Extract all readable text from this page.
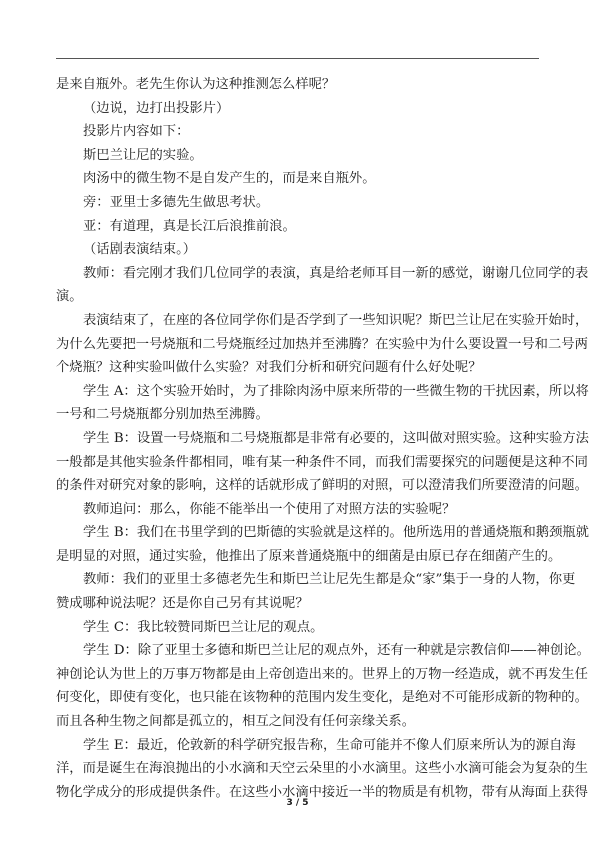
是来自瓶外。老先生你认为这种推测怎么样呢？
（边说，边打出投影片）
投影片内容如下：
斯巴兰让尼的实验。
肉汤中的微生物不是自发产生的，而是来自瓶外。
旁：亚里士多德先生做思考状。
亚：有道理，真是长江后浪推前浪。
（话剧表演结束。）
教师：看完刚才我们几位同学的表演，真是给老师耳目一新的感觉，谢谢几位同学的表
演。
表演结束了，在座的各位同学你们是否学到了一些知识呢？斯巴兰让尼在实验开始时，
为什么先要把一号烧瓶和二号烧瓶经过加热并至沸腾？在实验中为什么要设置一号和二号两
个烧瓶？这种实验叫做什么实验？对我们分析和研究问题有什么好处呢？
学生 A：这个实验开始时，为了排除肉汤中原来所带的一些微生物的干扰因素，所以将
一号和二号烧瓶都分别加热至沸腾。
学生 B：设置一号烧瓶和二号烧瓶都是非常有必要的，这叫做对照实验。这种实验方法
一般都是其他实验条件都相同，唯有某一种条件不同，而我们需要探究的问题便是这种不同
的条件对研究对象的影响，这样的话就形成了鲜明的对照，可以澄清我们所要澄清的问题。
教师追问：那么，你能不能举出一个使用了对照方法的实验呢？
学生 B：我们在书里学到的巴斯德的实验就是这样的。他所选用的普通烧瓶和鹅颈瓶就
是明显的对照，通过实验，他推出了原来普通烧瓶中的细菌是由原已存在细菌产生的。
教师：我们的亚里士多德老先生和斯巴兰让尼先生都是众“家”集于一身的人物，你更
赞成哪种说法呢？还是你自己另有其说呢？
学生 C：我比较赞同斯巴兰让尼的观点。
学生 D：除了亚里士多德和斯巴兰让尼的观点外，还有一种就是宗教信仰——神创论。
神创论认为世上的万事万物都是由上帝创造出来的。世界上的万物一经造成，就不再发生任
何变化，即使有变化，也只能在该物种的范围内发生变化，是绝对不可能形成新的物种的。
而且各种生物之间都是孤立的，相互之间没有任何亲缘关系。
学生 E：最近，伦敦新的科学研究报告称，生命可能并不像人们原来所认为的源自海
洋，而是诞生在海浪抛出的小水滴和天空云朵里的小水滴里。这些小水滴可能会为复杂的生
物化学成分的形成提供条件。在这些小水滴中接近一半的物质是有机物，带有从海面上获得
3 / 5
